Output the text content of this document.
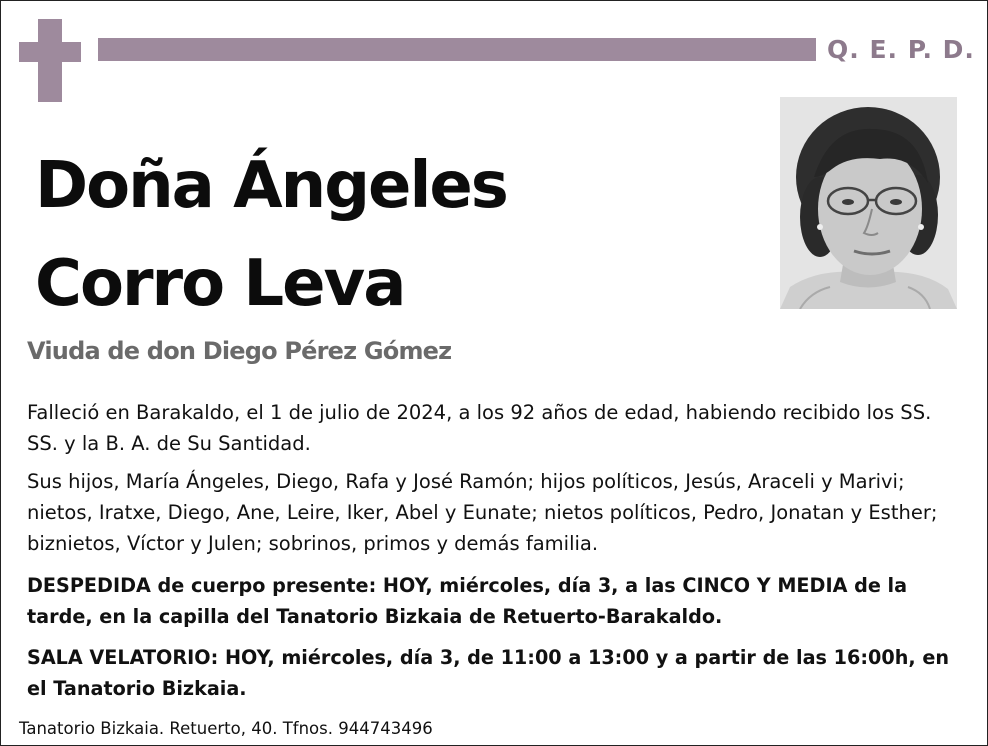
Q. E. P. D.
Doña Ángeles
Corro Leva
Viuda de don Diego Pérez Gómez
Falleció en Barakaldo, el 1 de julio de 2024, a los 92 años de edad, habiendo recibido los SS. SS. y la B. A. de Su Santidad.
Sus hijos, María Ángeles, Diego, Rafa y José Ramón; hijos políticos, Jesús, Araceli y Marivi; nietos, Iratxe, Diego, Ane, Leire, Iker, Abel y Eunate; nietos políticos, Pedro, Jonatan y Esther; biznietos, Víctor y Julen; sobrinos, primos y demás familia.
DESPEDIDA de cuerpo presente: HOY, miércoles, día 3, a las CINCO Y MEDIA de la tarde, en la capilla del Tanatorio Bizkaia de Retuerto-Barakaldo.
SALA VELATORIO: HOY, miércoles, día 3, de 11:00 a 13:00 y a partir de las 16:00h, en el Tanatorio Bizkaia.
Tanatorio Bizkaia. Retuerto, 40. Tfnos. 944743496
